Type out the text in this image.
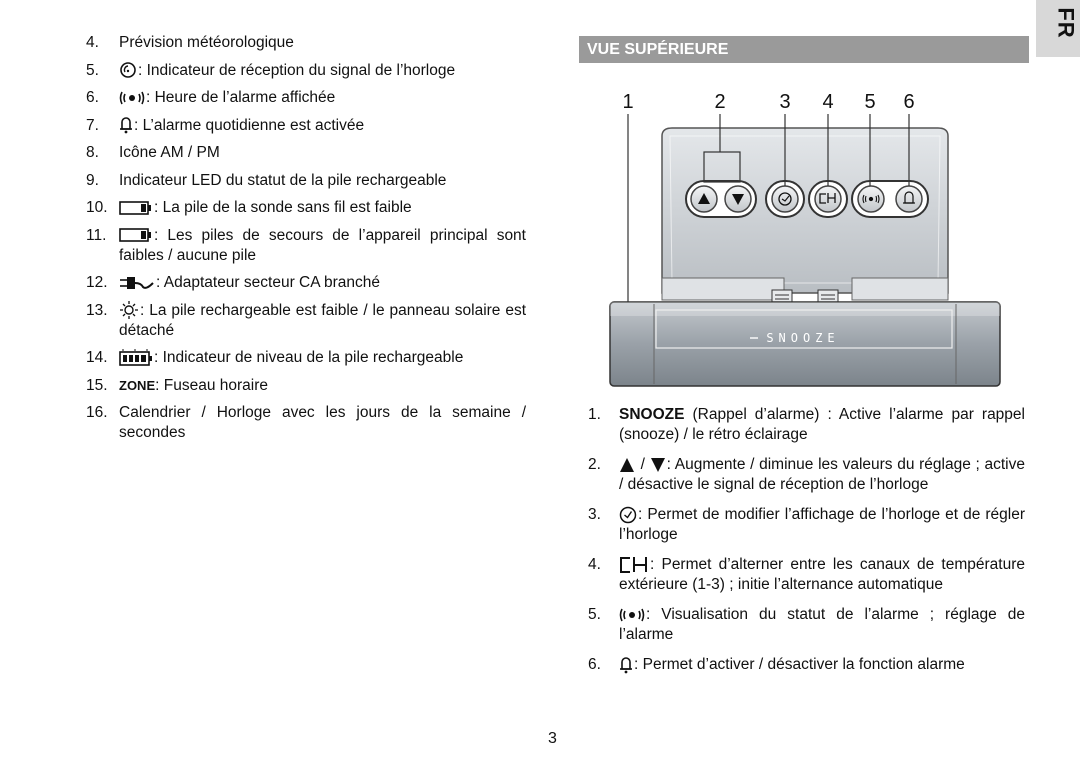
FR
4. Prévision météorologique
5.	: Indicateur de réception du signal de l’horloge
6.	: Heure de l’alarme affichée
7. : L’alarme quotidienne est activée
8. Icône AM / PM
9. Indicateur LED du statut de la pile rechargeable
10.	: La pile de la sonde sans fil est faible
11.	: Les piles de secours de l’appareil principal sont faibles / aucune pile
12.	: Adaptateur secteur CA branché
13. : La pile rechargeable est faible / le panneau solaire est détaché
14.	: Indicateur de niveau de la pile rechargeable
15. ZONE: Fuseau horaire
16. Calendrier / Horloge avec les jours de la semaine / secondes
VUE SUPÉRIEURE
1	2	3 4 5 6
SNOOZE
1. SNOOZE (Rappel d’alarme) : Active l’alarme par rappel (snooze) / le rétro éclairage
2. / : Augmente / diminue les valeurs du réglage ; active / désactive le signal de réception de l’horloge
3. : Permet de modifier l’affichage de l’horloge et de régler l’horloge
4.	: Permet d’alterner entre les canaux de température extérieure (1-3) ; initie l’alternance automatique
5.	: Visualisation du statut de l’alarme ; réglage de l’alarme
6. : Permet d’activer / désactiver la fonction alarme
3
